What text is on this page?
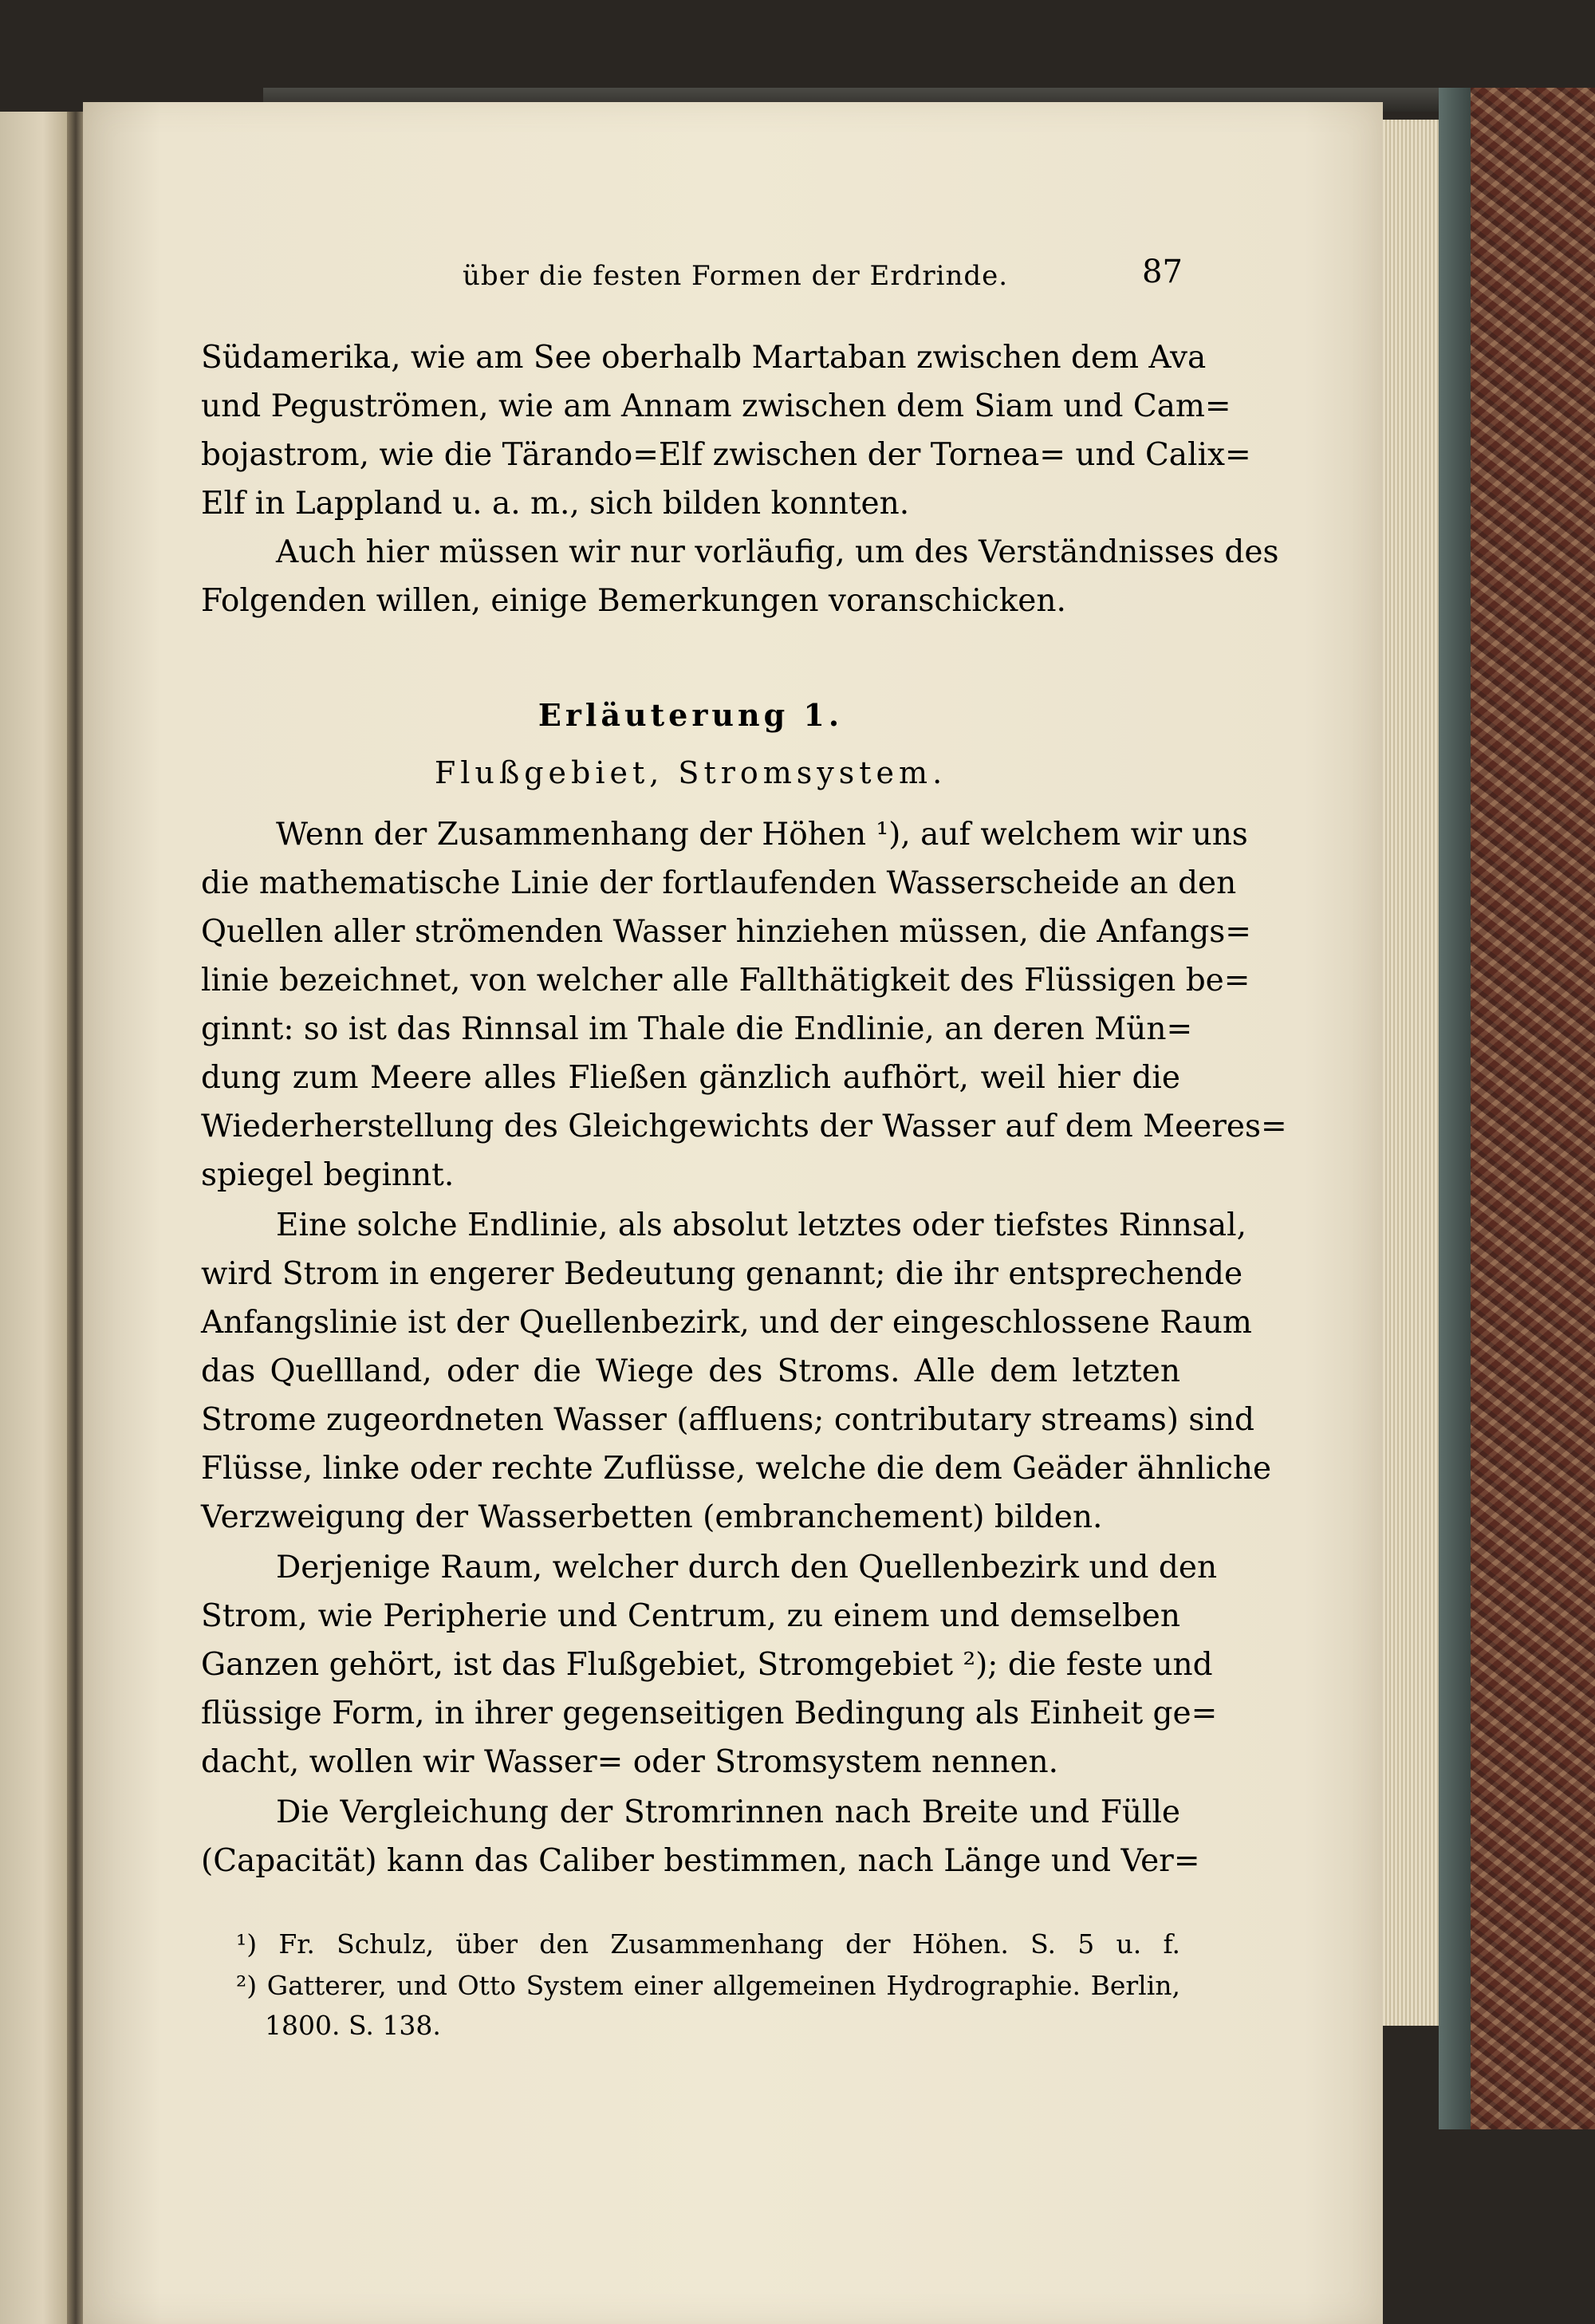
über die festen Formen der Erdrinde.	87
Südamerika, wie am See oberhalb Martaban zwischen dem Ava
und Peguströmen, wie am Annam zwischen dem Siam und Cam=
bojastrom, wie die Tärando=Elf zwischen der Tornea= und Calix=
Elf in Lappland u. a. m., sich bilden konnten.
Auch hier müssen wir nur vorläufig, um des Verständnisses des
Folgenden willen, einige Bemerkungen voranschicken.
Erläuterung 1.
Flußgebiet, Stromsystem.
Wenn der Zusammenhang der Höhen ¹), auf welchem wir uns
die mathematische Linie der fortlaufenden Wasserscheide an den
Quellen aller strömenden Wasser hinziehen müssen, die Anfangs=
linie bezeichnet, von welcher alle Fallthätigkeit des Flüssigen be=
ginnt: so ist das Rinnsal im Thale die Endlinie, an deren Mün=
dung zum Meere alles Fließen gänzlich aufhört, weil hier die
Wiederherstellung des Gleichgewichts der Wasser auf dem Meeres=
spiegel beginnt.
Eine solche Endlinie, als absolut letztes oder tiefstes Rinnsal,
wird Strom in engerer Bedeutung genannt; die ihr entsprechende
Anfangslinie ist der Quellenbezirk, und der eingeschlossene Raum
das Quellland, oder die Wiege des Stroms. Alle dem letzten
Strome zugeordneten Wasser (affluens; contributary streams) sind
Flüsse, linke oder rechte Zuflüsse, welche die dem Geäder ähnliche
Verzweigung der Wasserbetten (embranchement) bilden.
Derjenige Raum, welcher durch den Quellenbezirk und den
Strom, wie Peripherie und Centrum, zu einem und demselben
Ganzen gehört, ist das Flußgebiet, Stromgebiet ²); die feste und
flüssige Form, in ihrer gegenseitigen Bedingung als Einheit ge=
dacht, wollen wir Wasser= oder Stromsystem nennen.
Die Vergleichung der Stromrinnen nach Breite und Fülle
(Capacität) kann das Caliber bestimmen, nach Länge und Ver=
¹) Fr. Schulz, über den Zusammenhang der Höhen. S. 5 u. f.
²) Gatterer, und Otto System einer allgemeinen Hydrographie. Berlin,
1800. S. 138.
